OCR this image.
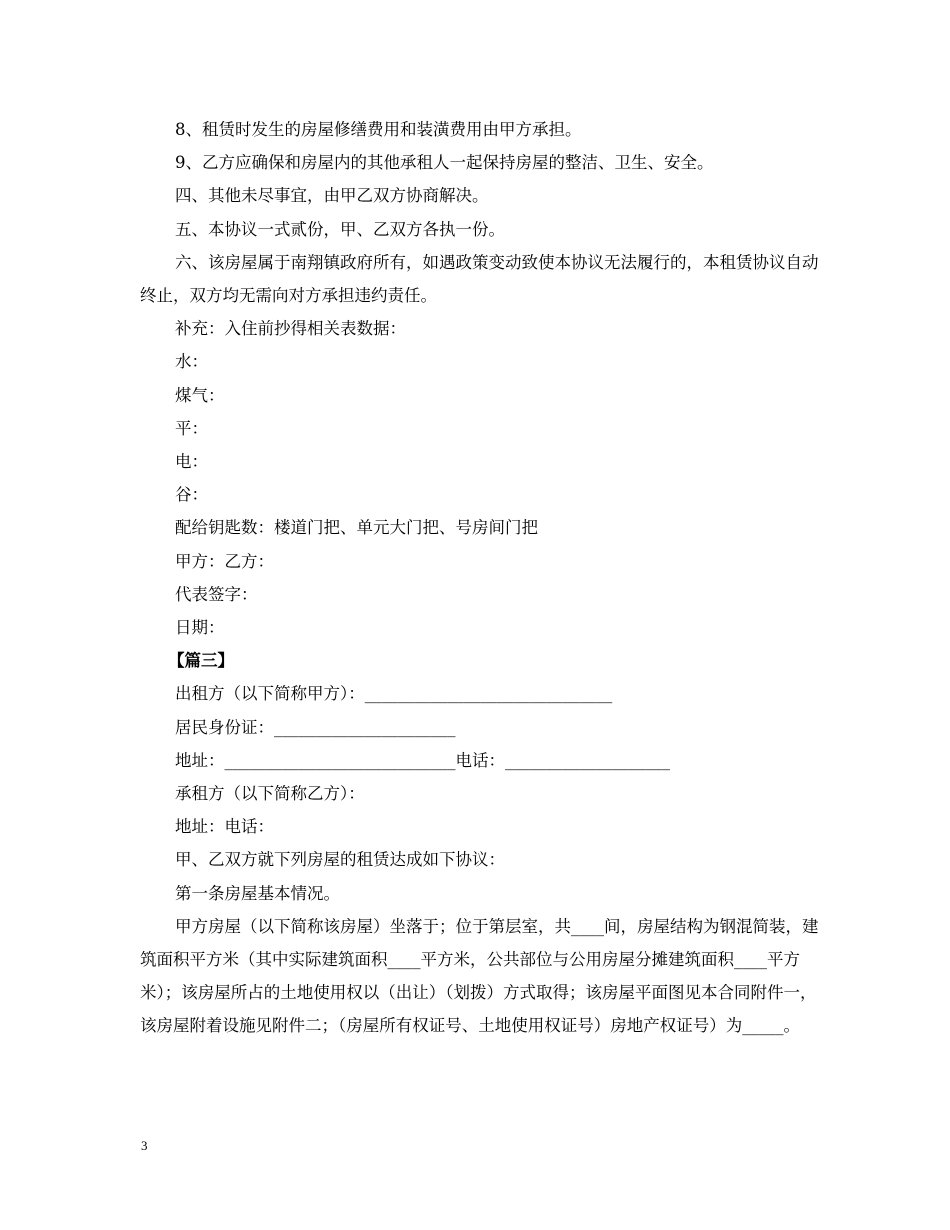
8、租赁时发生的房屋修缮费用和装潢费用由甲方承担。

9、乙方应确保和房屋内的其他承租人一起保持房屋的整洁、卫生、安全。

四、其他未尽事宜，由甲乙双方协商解决。

五、本协议一式贰份，甲、乙双方各执一份。

六、该房屋属于南翔镇政府所有，如遇政策变动致使本协议无法履行的，本租赁协议自动终止，双方均无需向对方承担违约责任。

补充：入住前抄得相关表数据：

水：

煤气：

平：

电：

谷：

配给钥匙数：楼道门把、单元大门把、号房间门把

甲方：乙方：

代表签字：

日期：

【篇三】

出租方（以下简称甲方）：______________________________

居民身份证：______________________

地址：____________________________电话：____________________

承租方（以下简称乙方）：

地址：电话：

甲、乙双方就下列房屋的租赁达成如下协议：

第一条房屋基本情况。

甲方房屋（以下简称该房屋）坐落于；位于第层室，共____间，房屋结构为钢混简装，建筑面积平方米（其中实际建筑面积____平方米，公共部位与公用房屋分摊建筑面积____平方米）；该房屋所占的土地使用权以（出让）（划拨）方式取得；该房屋平面图见本合同附件一，该房屋附着设施见附件二；（房屋所有权证号、土地使用权证号）房地产权证号）为_____。

3
